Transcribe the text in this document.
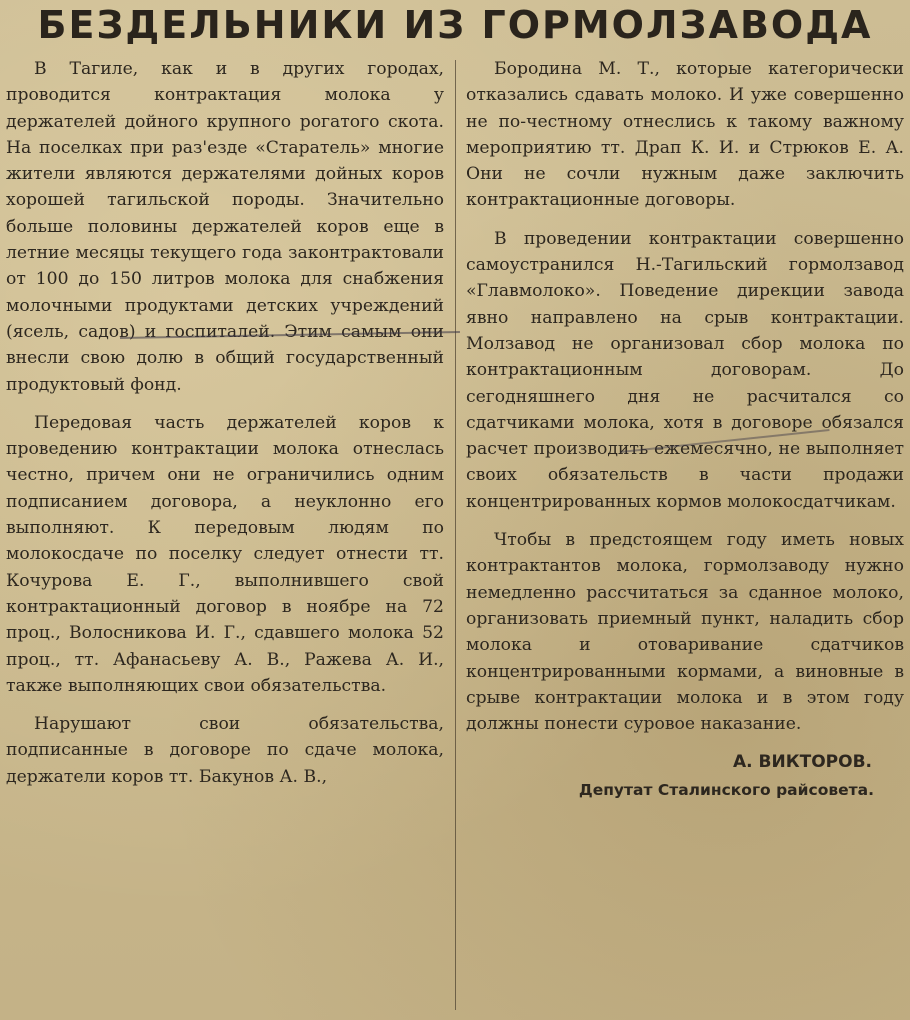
БЕЗДЕЛЬНИКИ ИЗ ГОРМОЛЗАВОДА

В Тагиле, как и в других городах, проводится контрактация молока у держателей дойного крупного рогатого скота. На поселках при раз'езде «Старатель» многие жители являются держателями дойных коров хорошей тагильской породы. Значительно больше половины держателей коров еще в летние месяцы текущего года законтрактовали от 100 до 150 литров молока для снабжения молочными продуктами детских учреждений (ясель, садов) и госпиталей. Этим самым они внесли свою долю в общий государственный продуктовый фонд.

Передовая часть держателей коров к проведению контрактации молока отнеслась честно, причем они не ограничились одним подписанием договора, а неуклонно его выполняют. К передовым людям по молокосдаче по поселку следует отнести тт. Кочурова Е. Г., выполнившего свой контрактационный договор в ноябре на 72 проц., Волосникова И. Г., сдавшего молока 52 проц., тт. Афанасьеву А. В., Ражева А. И., также выполняющих свои обязательства.

Нарушают свои обязательства, подписанные в договоре по сдаче молока, держатели коров тт. Бакунов А. В.,

Бородина М. Т., которые категорически отказались сдавать молоко. И уже совершенно не по-честному отнеслись к такому важному мероприятию тт. Драп К. И. и Стрюков Е. А. Они не сочли нужным даже заключить контрактационные договоры.

В проведении контрактации совершенно самоустранился Н.-Тагильский гормолзавод «Главмолоко». Поведение дирекции завода явно направлено на срыв контрактации. Молзавод не организовал сбор молока по контрактационным договорам. До сегодняшнего дня не расчитался со сдатчиками молока, хотя в договоре обязался расчет производить ежемесячно, не выполняет своих обязательств в части продажи концентрированных кормов молокосдатчикам.

Чтобы в предстоящем году иметь новых контрактантов молока, гормолзаводу нужно немедленно рассчитаться за сданное молоко, организовать приемный пункт, наладить сбор молока и отоваривание сдатчиков концентрированными кормами, а виновные в срыве контрактации молока и в этом году должны понести суровое наказание.

А. ВИКТОРОВ.
Депутат Сталинского райсовета.
